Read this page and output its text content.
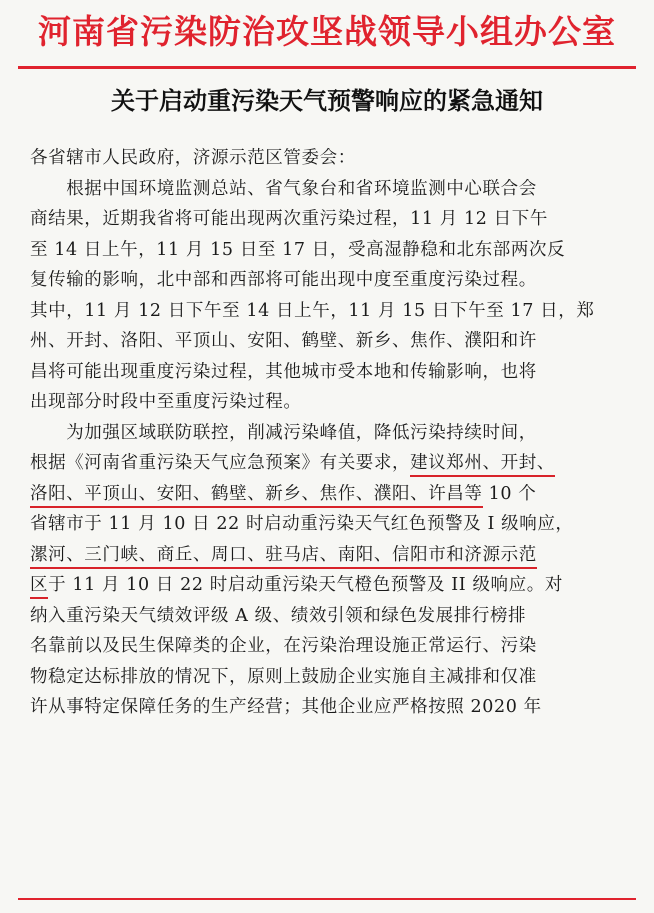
河南省污染防治攻坚战领导小组办公室
关于启动重污染天气预警响应的紧急通知
各省辖市人民政府，济源示范区管委会：
　　根据中国环境监测总站、省气象台和省环境监测中心联合会
商结果，近期我省将可能出现两次重污染过程，11 月 12 日下午
至 14 日上午，11 月 15 日至 17 日，受高湿静稳和北东部两次反
复传输的影响，北中部和西部将可能出现中度至重度污染过程。
其中，11 月 12 日下午至 14 日上午，11 月 15 日下午至 17 日，郑
州、开封、洛阳、平顶山、安阳、鹤壁、新乡、焦作、濮阳和许
昌将可能出现重度污染过程，其他城市受本地和传输影响，也将
出现部分时段中至重度污染过程。
　　为加强区域联防联控，削减污染峰值，降低污染持续时间，
根据《河南省重污染天气应急预案》有关要求，建议郑州、开封、
洛阳、平顶山、安阳、鹤壁、新乡、焦作、濮阳、许昌等 10 个
省辖市于 11 月 10 日 22 时启动重污染天气红色预警及 I 级响应，
漯河、三门峡、商丘、周口、驻马店、南阳、信阳市和济源示范
区于 11 月 10 日 22 时启动重污染天气橙色预警及 II 级响应。对
纳入重污染天气绩效评级 A 级、绩效引领和绿色发展排行榜排
名靠前以及民生保障类的企业，在污染治理设施正常运行、污染
物稳定达标排放的情况下，原则上鼓励企业实施自主减排和仅准
许从事特定保障任务的生产经营；其他企业应严格按照 2020 年
